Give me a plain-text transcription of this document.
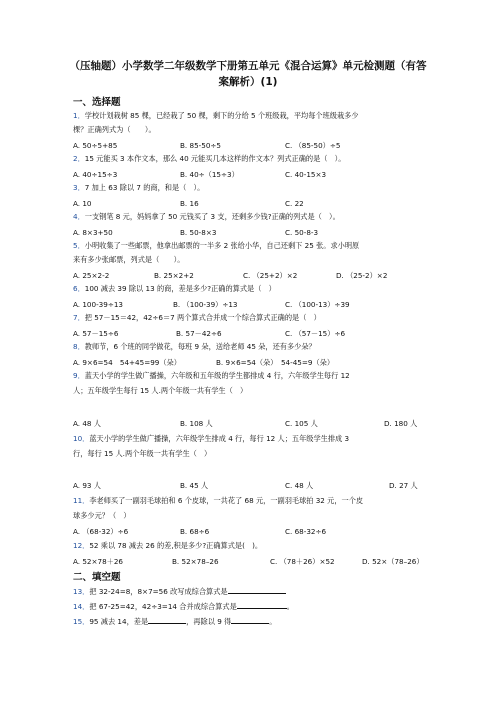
（压轴题）小学数学二年级数学下册第五单元《混合运算》单元检测题（有答
案解析）(1)
一、选择题
1．学校计划栽树 85 棵，已经栽了 50 棵，剩下的分给 5 个班级栽，平均每个班级栽多少
棵？正确列式为（　　）。
A. 50÷5+85	B. 85-50÷5	C. （85-50）÷5
2．15 元能买 3 本作文本，那么 40 元能买几本这样的作文本？列式正确的是（　）。
A. 40÷15÷3	B. 40÷（15÷3）	C. 40-15×3
3．7 加上 63 除以 7 的商，和是（　）。
A. 10	B. 16	C. 22
4．一支钢笔 8 元，妈妈拿了 50 元钱买了 3 支，还剩多少钱?正确的列式是（　）。
A. 8×3+50	B. 50-8×3	C. 50-8-3
5．小明收集了一些邮票，他拿出邮票的一半多 2 张给小华，自己还剩下 25 张。求小明原
来有多少张邮票，列式是（　　）。
A. 25×2-2	B. 25×2+2	C. （25+2）×2	D. （25-2）×2
6．100 减去 39 除以 13 的商，差是多少?正确的算式是（　）
A. 100-39÷13	B. （100-39）÷13	C. （100-13）÷39
7．把 57－15＝42，42÷6＝7 两个算式合并成一个综合算式正确的是（　）
A. 57－15÷6	B. 57－42÷6	C. （57－15）÷6
8．教师节，6 个班的同学做花，每班 9 朵，送给老师 45 朵，还有多少朵？
A. 9×6=54　54+45=99（朵）	B. 9×6=54（朵）　54-45=9（朵）
9．蓝天小学的学生做广播操，六年级和五年级的学生都排成 4 行，六年级学生每行 12
人；五年级学生每行 15 人.两个年级一共有学生（　）
A. 48 人	B. 108 人	C. 105 人	D. 180 人
10．蓝天小学的学生做广播操，六年级学生排成 4 行，每行 12 人；五年级学生排成 3
行，每行 15 人.两个年级一共有学生（　）
A. 93 人	B. 45 人	C. 48 人	D. 27 人
11．李老师买了一副羽毛球拍和 6 个皮球，一共花了 68 元，一副羽毛球拍 32 元，一个皮
球多少元？（　）
A. （68-32）÷6	B. 68÷6	C. 68-32÷6
12．52 乘以 78 减去 26 的差,积是多少?正确算式是(　)。
A. 52×78＋26	B. 52×78–26	C. （78＋26）×52	D. 52×（78–26）
二、填空题
13．把 32-24=8，8×7=56 改写成综合算式是
14．把 67-25=42，42÷3=14 合并成综合算式是	。
15．95 减去 14，差是	，再除以 9 得	。
